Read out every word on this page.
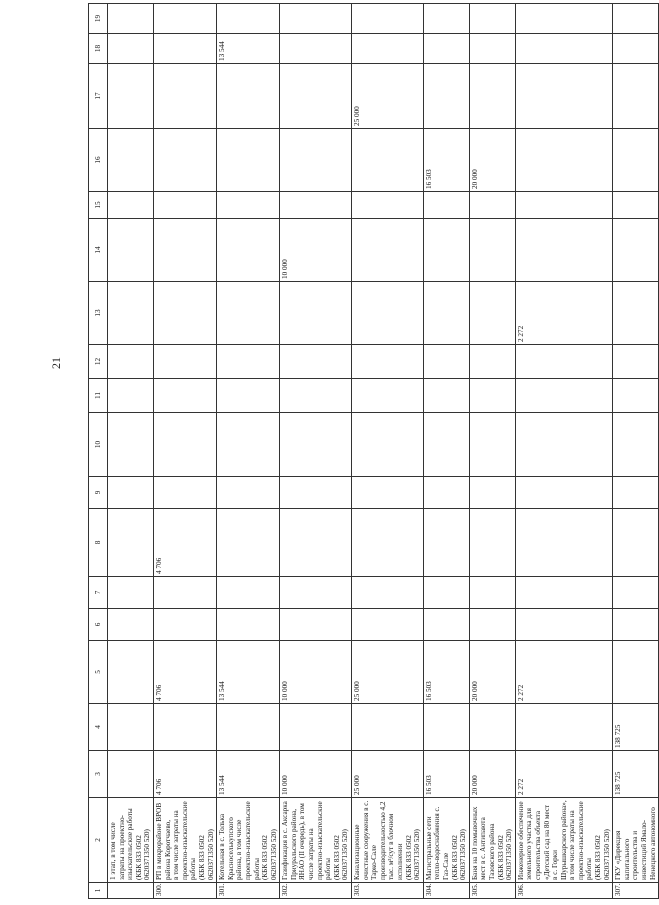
21
1	2	3	4	5	6	7	8	9	10	11	12	13	14	15	16	17	18	19
	1 этап, в том числе затраты на проектно-изыскательские работы
(КБК 833 0502 0620371350 520)																	
300.	РП в микрорайоне ВРОВ района Коротчаево,
в том числе затраты на проектно-изыскательские работы
(КБК 833 0502 0620371350 520)	4 706		4 706			4 706											
301.	Котельная в с. Толька Красноселькупского района, в том числе проектно-изыскательские работы
(КБК 833 0502 0620371350 520)	13 544		13 544													13 544	
302.	Газификация в с. Аксарка Приуральского района, ЯНАО (II очередь), в том числе затраты на проектно-изыскательские работы
(КБК 833 0502 0620371350 520)	10 000		10 000									10 000					
303.	Канализационные очистные сооружения в с. Тарко-Сале производительностью 4,2 тыс. м³/сут в блочном исполнении
(КБК 833 0502 0620371350 520)	25 000		25 000												25 000		
304.	Магистральные сети тепло-водоснабжения с. Газ-Сале
(КБК 833 0502 0620371350 520)	16 503		16 503											16 503			
305.	Баня на 10 помывочных мест в с. Антипаюта Тазовского района
(КБК 833 0502 0620371350 520)	20 000		20 000											20 000			
306.	Инженерное обеспечение земельного участка для строительства объекта «Детский сад на 80 мест в с. Горки Шурышкарского района», в том числе затраты на проектно-изыскательские работы
(КБК 833 0502 0620371350 520)	2 272		2 272								2 272						
307.	ГКУ «Дирекция капитального строительства и инвестиций Ямало-Ненецкого автономного	138 725	138 725															
